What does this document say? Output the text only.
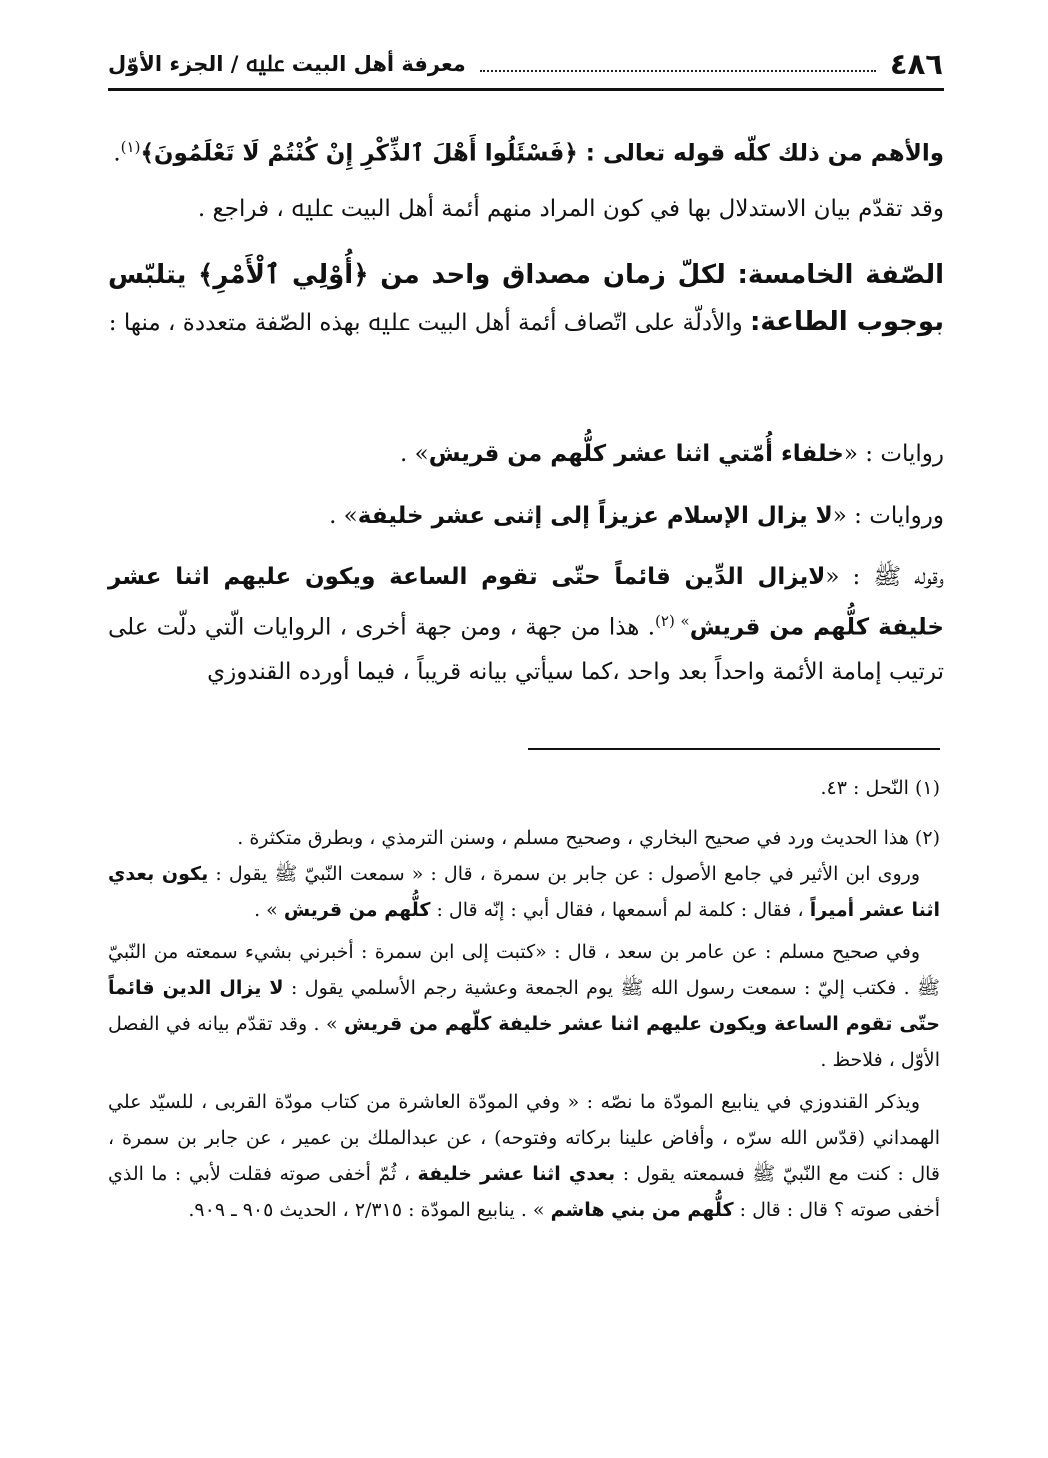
٤٨٦
معرفة أهل البيت ﷷ / الجزء الأوّل
والأهم من ذلك كلّه قوله تعالى : ﴿فَسْئَلُوا أَهْلَ ٱلذِّكْرِ إِنْ كُنْتُمْ لَا تَعْلَمُونَ﴾$^{(١)}$.
وقد تقدّم بيان الاستدلال بها في كون المراد منهم أئمة أهل البيت ﷷ ، فراجع .
الصّفة الخامسة: لكلّ زمان مصداق واحد من ﴿أُوْلِي ٱلْأَمْرِ﴾ يتلبّس بوجوب الطاعة: والأدلّة على اتّصاف أئمة أهل البيت ﷷ بهذه الصّفة متعددة ، منها :
روايات : «خلفاء أُمّتي اثنا عشر كلُّهم من قريش» .
وروايات : «لا يزال الإسلام عزيزاً إلى إثنى عشر خليفة» .
وقوله ﷺ : «لايزال الدِّين قائماً حتّى تقوم الساعة ويكون عليهم اثنا عشر خليفة كلُّهم من قريش$^{» (٢)}$. هذا من جهة ، ومن جهة أخرى ، الروايات الّتي دلّت على ترتيب إمامة الأئمة واحداً بعد واحد ،كما سيأتي بيانه قريباً ، فيما أورده القندوزي
(١) النّحل : ٤٣.
(٢) هذا الحديث ورد في صحيح البخاري ، وصحيح مسلم ، وسنن الترمذي ، وبطرق متكثرة .
وروى ابن الأثير في جامع الأصول : عن جابر بن سمرة ، قال : « سمعت النّبيّ ﷺ يقول : يكون بعدي اثنا عشر أميراً ، فقال : كلمة لم أسمعها ، فقال أبي : إنّه قال : كلُّهم من قريش » .
وفي صحيح مسلم : عن عامر بن سعد ، قال : «كتبت إلى ابن سمرة : أخبرني بشيء سمعته من النّبيّ ﷺ . فكتب إليّ : سمعت رسول الله ﷺ يوم الجمعة وعشية رجم الأسلمي يقول : لا يزال الدين قائماً حتّى تقوم الساعة ويكون عليهم اثنا عشر خليفة كلّهم من قريش » . وقد تقدّم بيانه في الفصل الأوّل ، فلاحظ .
ويذكر القندوزي في ينابيع المودّة ما نصّه : « وفي المودّة العاشرة من كتاب مودّة القربى ، للسيّد علي الهمداني (قدّس الله سرّه ، وأفاض علينا بركاته وفتوحه) ، عن عبدالملك بن عمير ، عن جابر بن سمرة ، قال : كنت مع النّبيّ ﷺ فسمعته يقول : بعدي اثنا عشر خليفة ، ثُمّ أخفى صوته فقلت لأبي : ما الذي أخفى صوته ؟ قال : قال : كلُّهم من بني هاشم » . ينابيع المودّة : ٢/٣١٥ ، الحديث ٩٠٥ ـ ٩٠٩.
